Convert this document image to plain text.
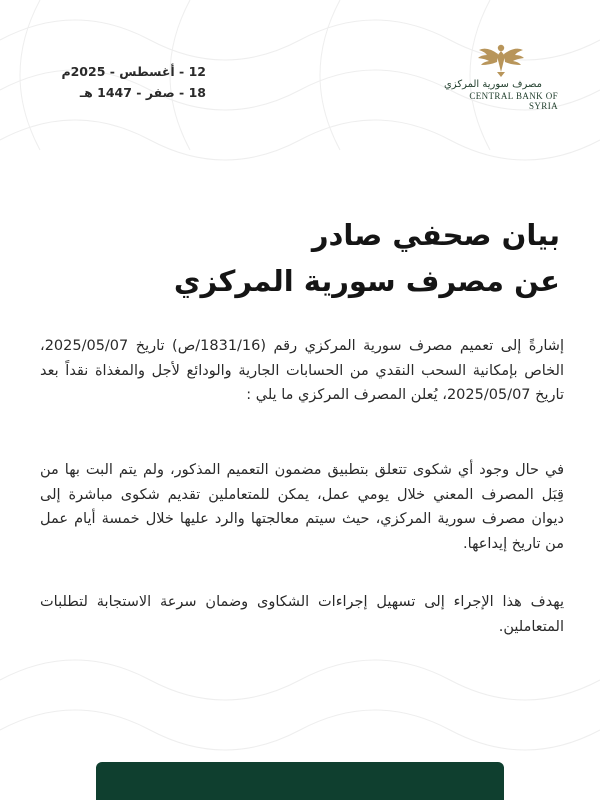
12 - أغسطس - 2025م
18 - صفر - 1447 هـ
مصرف سورية المركزي
CENTRAL BANK OF SYRIA
بيان صحفي صادر
عن مصرف سورية المركزي
إشارةً إلى تعميم مصرف سورية المركزي رقم (1831/16/ص) تاريخ 2025/05/07، الخاص بإمكانية السحب النقدي من الحسابات الجارية والودائع لأجل والمغذاة نقداً بعد تاريخ 2025/05/07، يُعلن المصرف المركزي ما يلي :
في حال وجود أي شكوى تتعلق بتطبيق مضمون التعميم المذكور، ولم يتم البت بها من قِبَل المصرف المعني خلال يومي عمل، يمكن للمتعاملين تقديم شكوى مباشرة إلى ديوان مصرف سورية المركزي، حيث سيتم معالجتها والرد عليها خلال خمسة أيام عمل من تاريخ إيداعها.
يهدف هذا الإجراء إلى تسهيل إجراءات الشكاوى وضمان سرعة الاستجابة لتطلبات المتعاملين.
